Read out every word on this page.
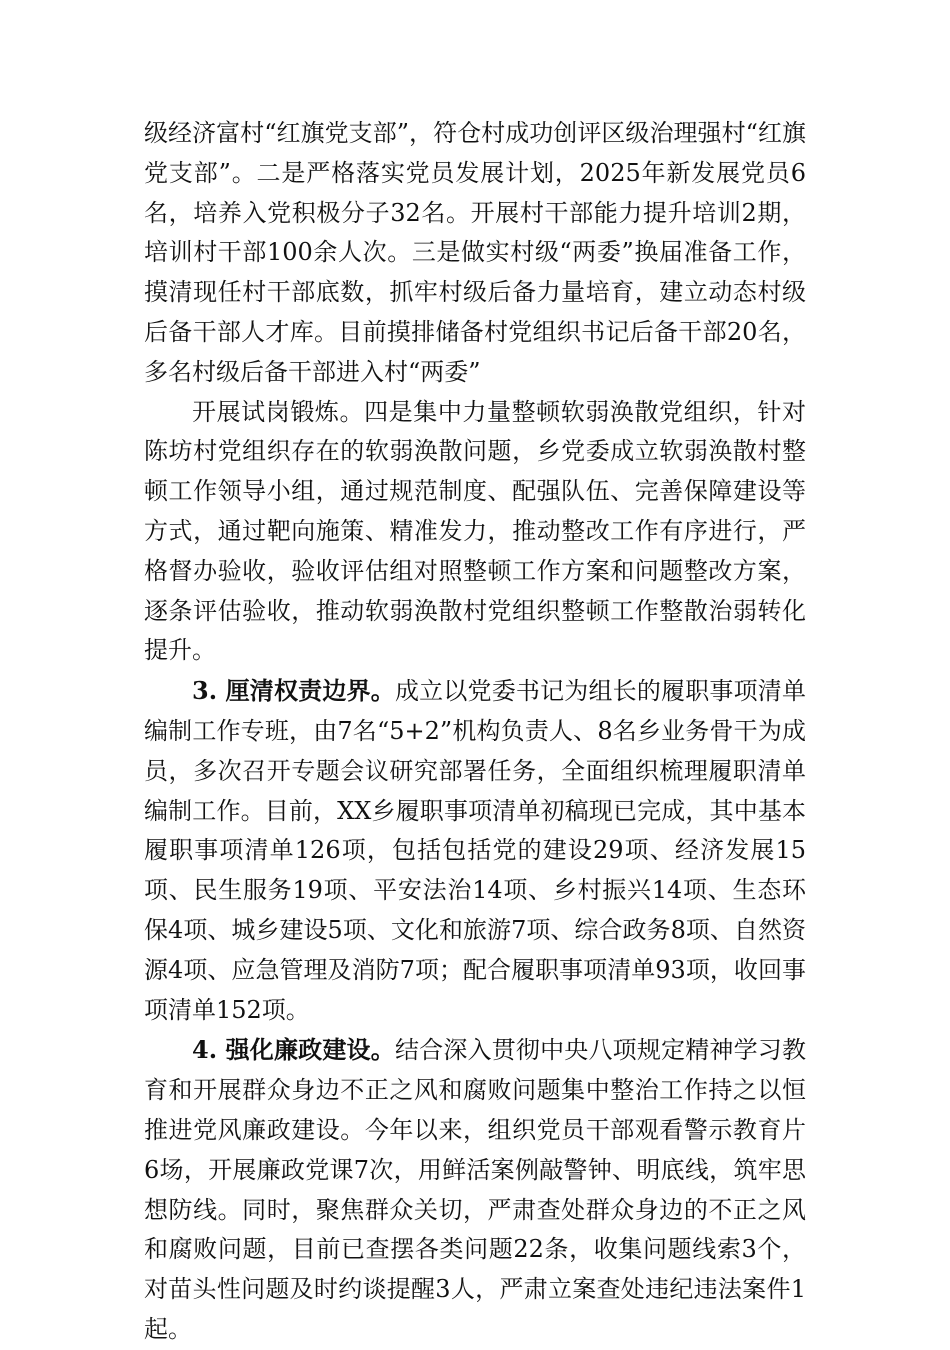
级经济富村“红旗党支部”，符仓村成功创评区级治理强村“红旗党支部”。二是严格落实党员发展计划，2025年新发展党员6名，培养入党积极分子32名。开展村干部能力提升培训2期，培训村干部100余人次。三是做实村级“两委”换届准备工作，摸清现任村干部底数，抓牢村级后备力量培育，建立动态村级后备干部人才库。目前摸排储备村党组织书记后备干部20名，多名村级后备干部进入村“两委”

开展试岗锻炼。四是集中力量整顿软弱涣散党组织，针对陈坊村党组织存在的软弱涣散问题，乡党委成立软弱涣散村整顿工作领导小组，通过规范制度、配强队伍、完善保障建设等方式，通过靶向施策、精准发力，推动整改工作有序进行，严格督办验收，验收评估组对照整顿工作方案和问题整改方案，逐条评估验收，推动软弱涣散村党组织整顿工作整散治弱转化提升。

3. 厘清权责边界。成立以党委书记为组长的履职事项清单编制工作专班，由7名“5+2”机构负责人、8名乡业务骨干为成员，多次召开专题会议研究部署任务，全面组织梳理履职清单编制工作。目前，XX乡履职事项清单初稿现已完成，其中基本履职事项清单126项，包括包括党的建设29项、经济发展15项、民生服务19项、平安法治14项、乡村振兴14项、生态环保4项、城乡建设5项、文化和旅游7项、综合政务8项、自然资源4项、应急管理及消防7项；配合履职事项清单93项，收回事项清单152项。

4. 强化廉政建设。结合深入贯彻中央八项规定精神学习教育和开展群众身边不正之风和腐败问题集中整治工作持之以恒推进党风廉政建设。今年以来，组织党员干部观看警示教育片6场，开展廉政党课7次，用鲜活案例敲警钟、明底线，筑牢思想防线。同时，聚焦群众关切，严肃查处群众身边的不正之风和腐败问题，目前已查摆各类问题22条，收集问题线索3个，对苗头性问题及时约谈提醒3人，严肃立案查处违纪违法案件1起。
